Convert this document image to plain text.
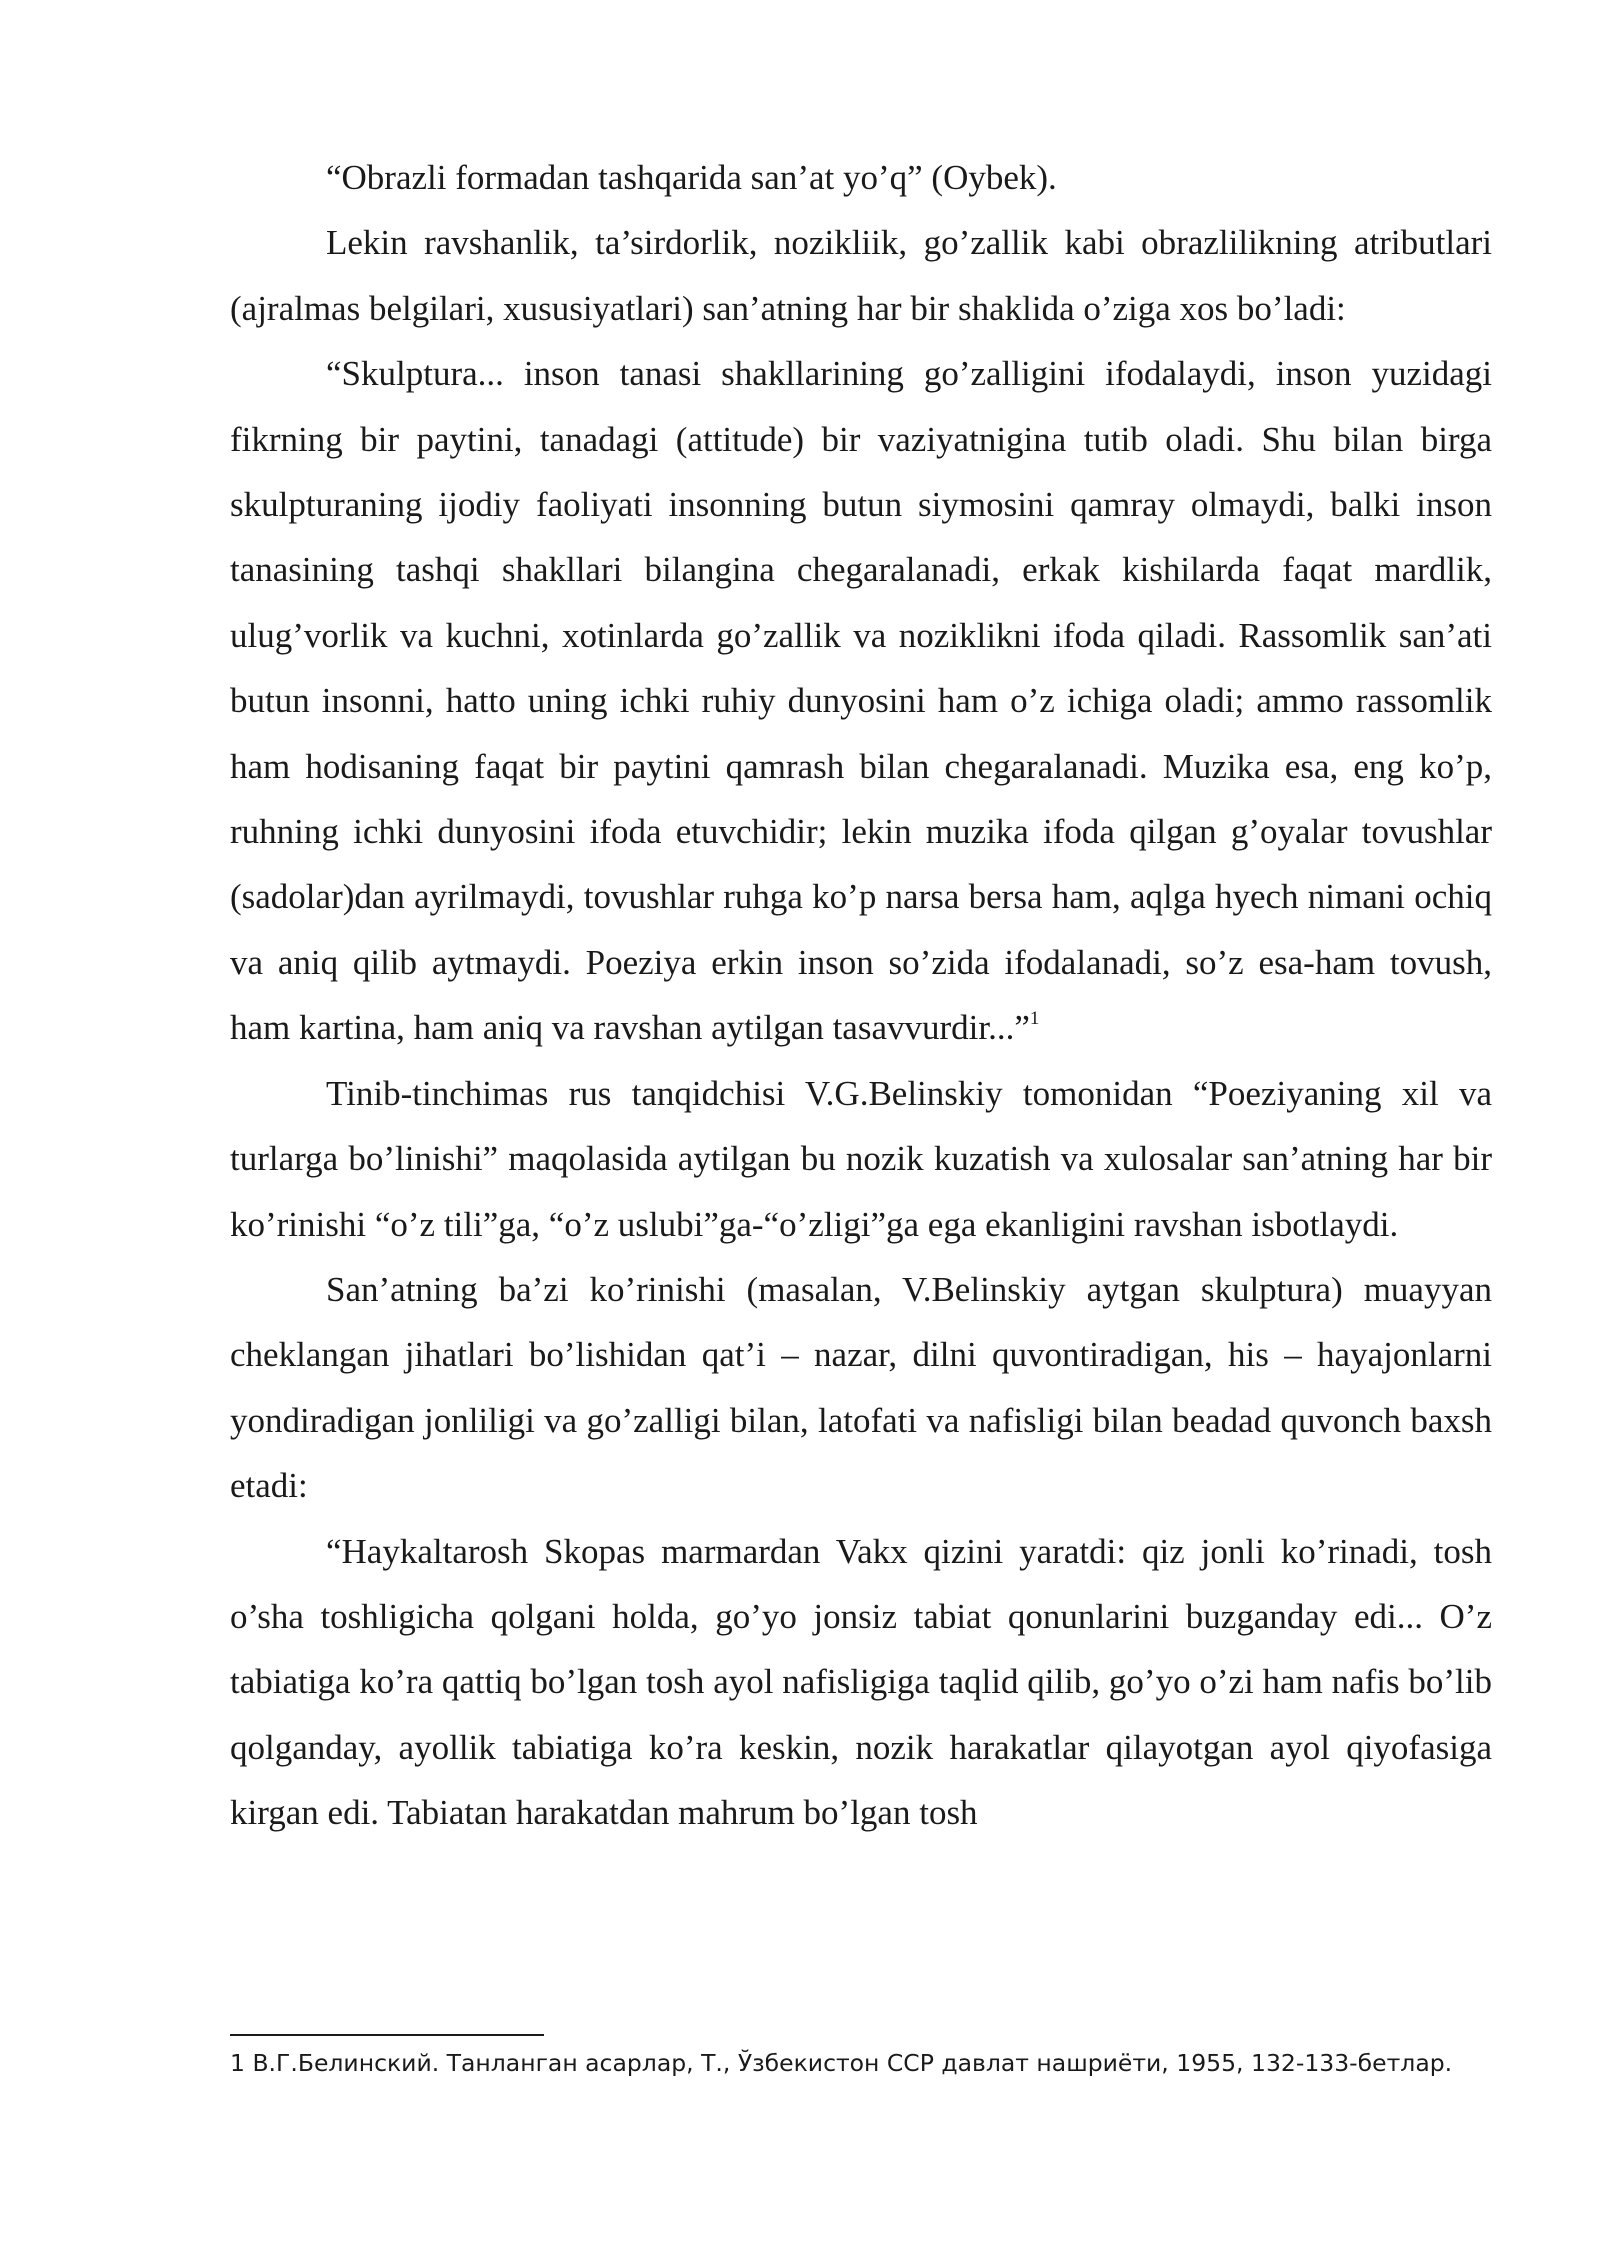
“Obrazli formadan tashqarida san’at yo’q” (Oybek).

Lekin ravshanlik, ta’sirdorlik, nozikliik, go’zallik kabi obrazlilikning atributlari (ajralmas belgilari, xususiyatlari) san’atning har bir shaklida o’ziga xos bo’ladi:

“Skulptura... inson tanasi shakllarining go’zalligini ifodalaydi, inson yuzidagi fikrning bir paytini, tanadagi (attitude) bir vaziyatnigina tutib oladi. Shu bilan birga skulpturaning ijodiy faoliyati insonning butun siymosini qamray olmaydi, balki inson tanasining tashqi shakllari bilangina chegaralanadi, erkak kishilarda faqat mardlik, ulug’vorlik va kuchni, xotinlarda go’zallik va noziklikni ifoda qiladi. Rassomlik san’ati butun insonni, hatto uning ichki ruhiy dunyosini ham o’z ichiga oladi; ammo rassomlik ham hodisaning faqat bir paytini qamrash bilan chegaralanadi. Muzika esa, eng ko’p, ruhning ichki dunyosini ifoda etuvchidir; lekin muzika ifoda qilgan g’oyalar tovushlar (sadolar)dan ayrilmaydi, tovushlar ruhga ko’p narsa bersa ham, aqlga hyech nimani ochiq va aniq qilib aytmaydi. Poeziya erkin inson so’zida ifodalanadi, so’z esa-ham tovush, ham kartina, ham aniq va ravshan aytilgan tasavvurdir...”$^1$

Tinib-tinchimas rus tanqidchisi V.G.Belinskiy tomonidan “Poeziyaning xil va turlarga bo’linishi” maqolasida aytilgan bu nozik kuzatish va xulosalar san’atning har bir ko’rinishi “o’z tili”ga, “o’z uslubi”ga-“o’zligi”ga ega ekanligini ravshan isbotlaydi.

San’atning ba’zi ko’rinishi (masalan, V.Belinskiy aytgan skulptura) muayyan cheklangan jihatlari bo’lishidan qat’i – nazar, dilni quvontiradigan, his – hayajonlarni yondiradigan jonliligi va go’zalligi bilan, latofati va nafisligi bilan beadad quvonch baxsh etadi:

“Haykaltarosh Skopas marmardan Vakx qizini yaratdi: qiz jonli ko’rinadi, tosh o’sha toshligicha qolgani holda, go’yo jonsiz tabiat qonunlarini buzganday edi... O’z tabiatiga ko’ra qattiq bo’lgan tosh ayol nafisligiga taqlid qilib, go’yo o’zi ham nafis bo’lib qolganday, ayollik tabiatiga ko’ra keskin, nozik harakatlar qilayotgan ayol qiyofasiga kirgan edi. Tabiatan harakatdan mahrum bo’lgan tosh

1 В.Г.Белинский. Танланган асарлар, Т., Ўзбекистон ССР давлат нашриёти, 1955, 132-133-бетлар.
